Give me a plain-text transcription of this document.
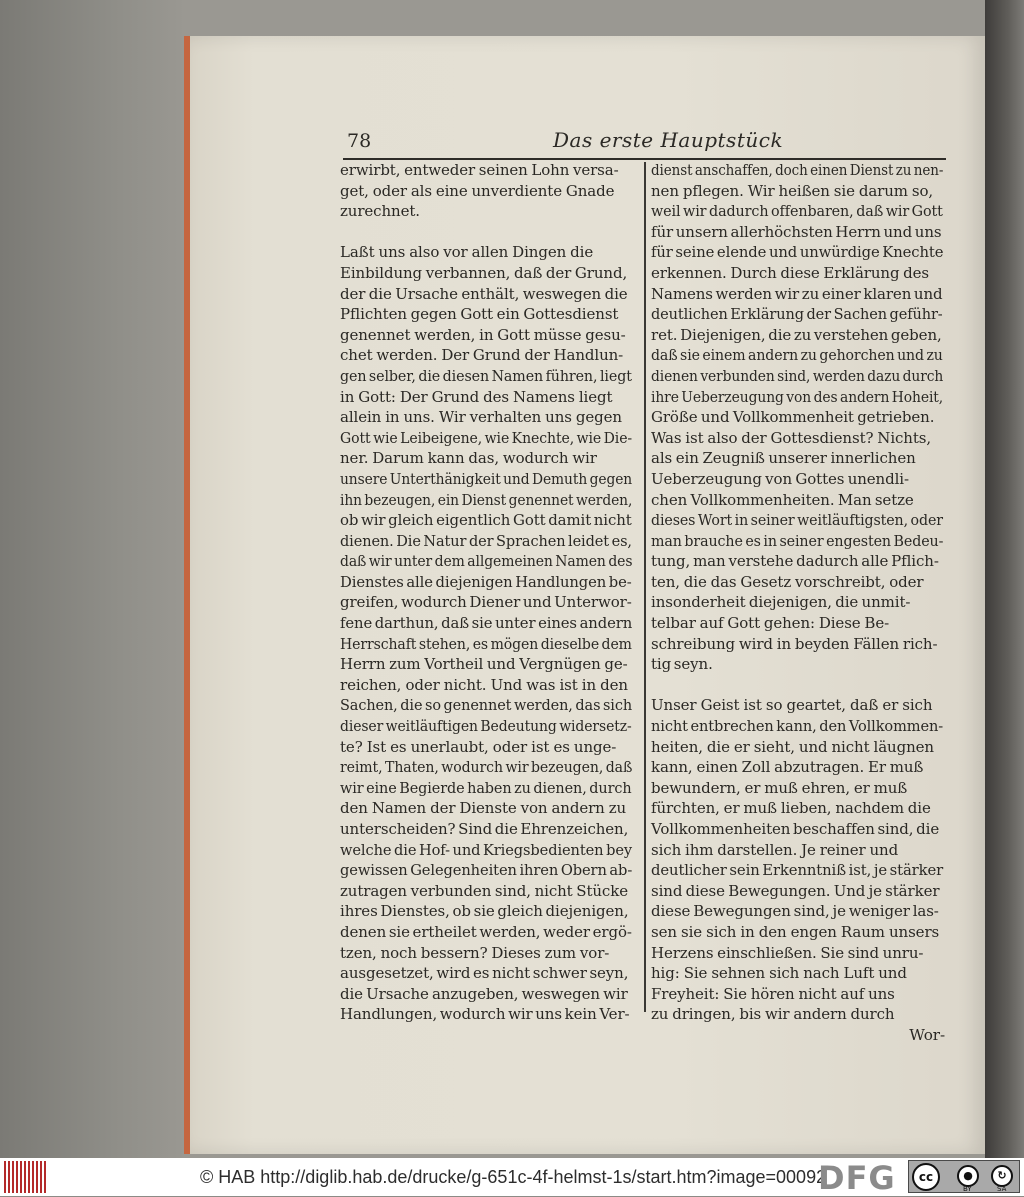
78	Das erste Hauptstück
erwirbt, entweder seinen Lohn versa-
get, oder als eine unverdiente Gnade
zurechnet.
Laßt uns also vor allen Dingen die
Einbildung verbannen, daß der Grund,
der die Ursache enthält, weswegen die
Pflichten gegen Gott ein Gottesdienst
genennet werden, in Gott müsse gesu-
chet werden. Der Grund der Handlun-
gen selber, die diesen Namen führen, liegt
in Gott: Der Grund des Namens liegt
allein in uns. Wir verhalten uns gegen
Gott wie Leibeigene, wie Knechte, wie Die-
ner. Darum kann das, wodurch wir
unsere Unterthänigkeit und Demuth gegen
ihn bezeugen, ein Dienst genennet werden,
ob wir gleich eigentlich Gott damit nicht
dienen. Die Natur der Sprachen leidet es,
daß wir unter dem allgemeinen Namen des
Dienstes alle diejenigen Handlungen be-
greifen, wodurch Diener und Unterwor-
fene darthun, daß sie unter eines andern
Herrschaft stehen, es mögen dieselbe dem
Herrn zum Vortheil und Vergnügen ge-
reichen, oder nicht. Und was ist in den
Sachen, die so genennet werden, das sich
dieser weitläuftigen Bedeutung widersetz-
te? Ist es unerlaubt, oder ist es unge-
reimt, Thaten, wodurch wir bezeugen, daß
wir eine Begierde haben zu dienen, durch
den Namen der Dienste von andern zu
unterscheiden? Sind die Ehrenzeichen,
welche die Hof- und Kriegsbedienten bey
gewissen Gelegenheiten ihren Obern ab-
zutragen verbunden sind, nicht Stücke
ihres Dienstes, ob sie gleich diejenigen,
denen sie ertheilet werden, weder ergö-
tzen, noch bessern? Dieses zum vor-
ausgesetzet, wird es nicht schwer seyn,
die Ursache anzugeben, weswegen wir
Handlungen, wodurch wir uns kein Ver-
dienst anschaffen, doch einen Dienst zu nen-
nen pflegen. Wir heißen sie darum so,
weil wir dadurch offenbaren, daß wir Gott
für unsern allerhöchsten Herrn und uns
für seine elende und unwürdige Knechte
erkennen. Durch diese Erklärung des
Namens werden wir zu einer klaren und
deutlichen Erklärung der Sachen geführ-
ret. Diejenigen, die zu verstehen geben,
daß sie einem andern zu gehorchen und zu
dienen verbunden sind, werden dazu durch
ihre Ueberzeugung von des andern Hoheit,
Größe und Vollkommenheit getrieben.
Was ist also der Gottesdienst? Nichts,
als ein Zeugniß unserer innerlichen
Ueberzeugung von Gottes unendli-
chen Vollkommenheiten. Man setze
dieses Wort in seiner weitläuftigsten, oder
man brauche es in seiner engesten Bedeu-
tung, man verstehe dadurch alle Pflich-
ten, die das Gesetz vorschreibt, oder
insonderheit diejenigen, die unmit-
telbar auf Gott gehen: Diese Be-
schreibung wird in beyden Fällen rich-
tig seyn.
Unser Geist ist so geartet, daß er sich
nicht entbrechen kann, den Vollkommen-
heiten, die er sieht, und nicht läugnen
kann, einen Zoll abzutragen. Er muß
bewundern, er muß ehren, er muß
fürchten, er muß lieben, nachdem die
Vollkommenheiten beschaffen sind, die
sich ihm darstellen. Je reiner und
deutlicher sein Erkenntniß ist, je stärker
sind diese Bewegungen. Und je stärker
diese Bewegungen sind, je weniger las-
sen sie sich in den engen Raum unsers
Herzens einschließen. Sie sind unru-
hig: Sie sehnen sich nach Luft und
Freyheit: Sie hören nicht auf uns
zu dringen, bis wir andern durch
Wor-
© HAB http://diglib.hab.de/drucke/g-651c-4f-helmst-1s/start.htm?image=00092
DFG	cc	●	↻
BY	SA
